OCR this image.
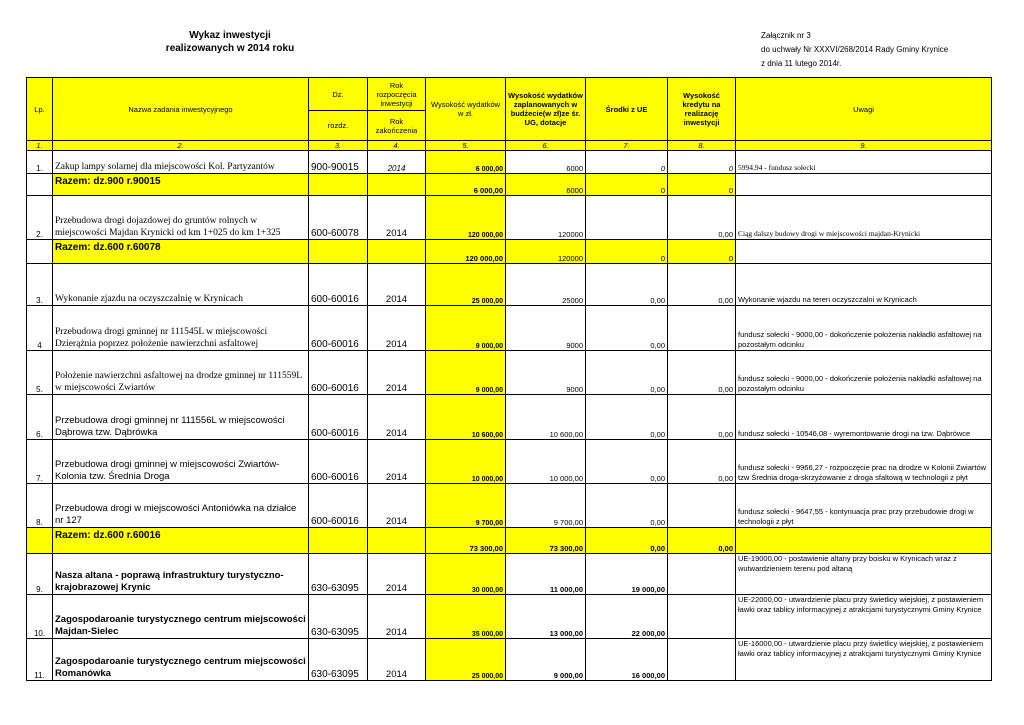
Wykaz inwestycji
realizowanych w 2014 roku
Załącznik nr 3
do uchwały Nr XXXVI/268/2014 Rady Gminy Krynice
z dnia 11 lutego 2014r.
Lp.	Nazwa zadania inwestycyjnego	Dz.	Rok rozpoczęcia inwestycji	Wysokość wydatków w zł.	Wysokość wydatków zaplanowanych w budżecie(w zł)ze śr. UG, dotacje	Środki z UE	Wysokość kredytu na realizację inwestycji	Uwagi
		rozdz.	Rok zakończenia					
1.	2.	3.	4.	5.	6.	7.	8.	9.
1.	Zakup lampy solarnej dla miejscowości Kol. Partyzantów	900-90015	2014	6 000,00	6000	0	0	5994,94 - fundusz sołecki
	Razem: dz.900 r.90015			6 000,00	6000	0	0	
2.	Przebudowa drogi dojazdowej do gruntów rolnych w miejscowości Majdan Krynicki od km 1+025 do km 1+325	600-60078	2014	120 000,00	120000		0,00	Ciąg dalszy budowy drogi w miejscowości majdan-Krynicki
	Razem: dz.600 r.60078			120 000,00	120000	0	0	
3.	Wykonanie zjazdu na oczyszczalnię w Krynicach	600-60016	2014	25 000,00	25000	0,00	0,00	Wykonanie wjazdu na teren oczyszczalni w Krynicach
4	Przebudowa drogi gminnej nr 111545L w miejscowości Dzierążnia poprzez położenie nawierzchni asfaltowej	600-60016	2014	9 000,00	9000	0,00		fundusz sołecki - 9000,00 - dokończenie położenia nakładki asfaltowej na pozostałym odcinku
5.	Położenie nawierzchni asfaltowej na drodze gminnej nr 111559L w miejscowości Zwiartów	600-60016	2014	9 000,00	9000	0,00	0,00	fundusz sołecki - 9000,00 - dokończenie położenia nakładki asfaltowej na pozostałym odcinku
6.	Przebudowa drogi gminnej nr 111556L w miejscowości Dąbrowa tzw. Dąbrówka	600-60016	2014	10 600,00	10 600,00	0,00	0,00	fundusz sołecki - 10546,08 - wyremontowanie drogi na tzw. Dąbrówce
7.	Przebudowa drogi gminnej w miejscowości Zwiartów-Kolonia tzw. Średnia Droga	600-60016	2014	10 000,00	10 000,00	0,00	0,00	fundusz sołecki - 9966,27 - rozpoczęcie prac na drodze w Kolonii Zwiartów tzw Średnia droga-skrzyżowanie z droga sfaltową w technologii z płyt
8.	Przebudowa drogi w miejscowości Antoniówka na działce nr 127	600-60016	2014	9 700,00	9 700,00	0,00		fundusz sołecki - 9647,55 - kontynuacja prac przy przebudowie drogi w technologii z płyt
	Razem: dz.600 r.60016			73 300,00	73 300,00	0,00	0,00	
9.	Nasza altana - poprawą infrastruktury turystyczno-krajobrazowej Krynic	630-63095	2014	30 000,00	11 000,00	19 000,00		UE-19000,00 - postawienie altany przy boisku w Krynicach wraz z wutwardzieniem terenu pod altaną
10.	Zagospodaroanie turystycznego centrum miejscowości Majdan-Sielec	630-63095	2014	35 000,00	13 000,00	22 000,00		UE-22000,00 - utwardzienie placu przy świetlicy wiejskiej, z postawieniem ławki oraz tablicy informacyjnej z atrakcjami turystycznymi Gminy Krynice
11.	Zagospodaroanie turystycznego centrum miejscowości Romanówka	630-63095	2014	25 000,00	9 000,00	16 000,00		UE-16000,00 - utwardzienie placu przy świetlicy wiejskiej, z postawieniem ławki oraz tablicy informacyjnej z atrakcjami turystycznymi Gminy Krynice
